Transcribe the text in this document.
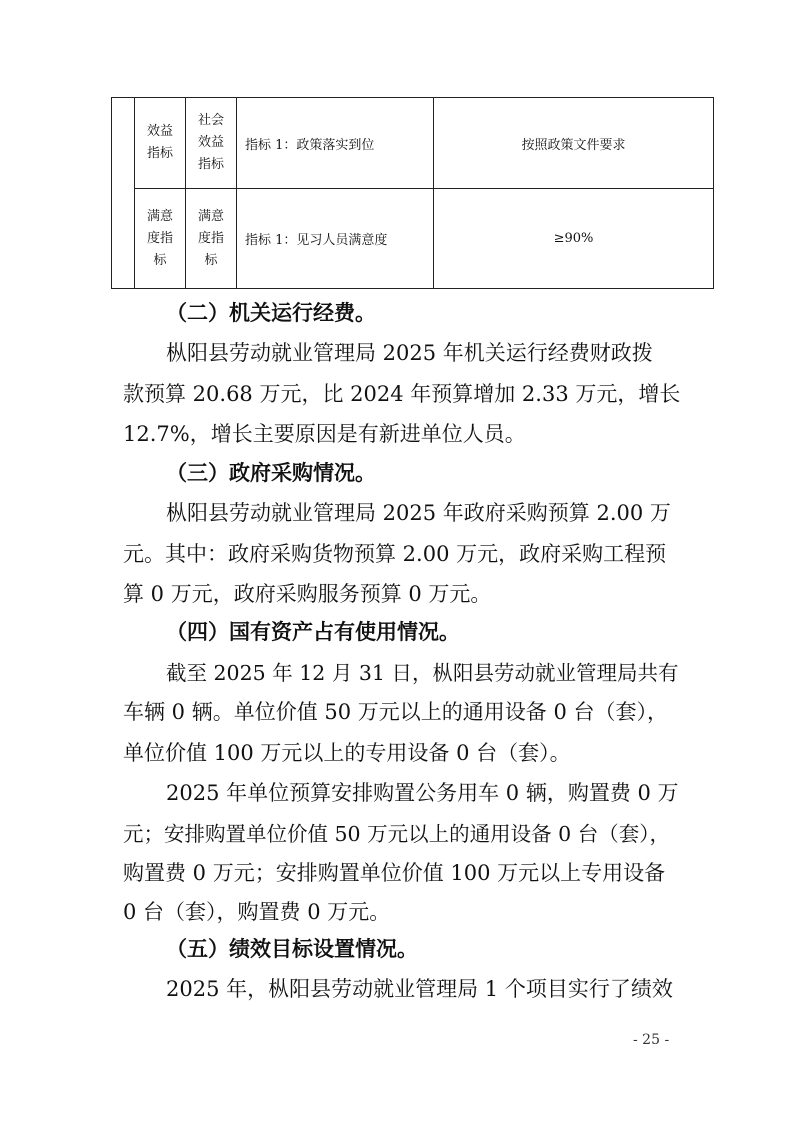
	效益指标	社会效益指标	指标 1：政策落实到位	按照政策文件要求
	满意度指标	满意度指标	指标 1：见习人员满意度	≥90%
（二）机关运行经费。
枞阳县劳动就业管理局 2025 年机关运行经费财政拨
款预算 20.68 万元，比 2024 年预算增加 2.33 万元，增长
12.7%，增长主要原因是有新进单位人员。
（三）政府采购情况。
枞阳县劳动就业管理局 2025 年政府采购预算 2.00 万
元。其中：政府采购货物预算 2.00 万元，政府采购工程预
算 0 万元，政府采购服务预算 0 万元。
（四）国有资产占有使用情况。
截至 2025 年 12 月 31 日，枞阳县劳动就业管理局共有
车辆 0 辆。单位价值 50 万元以上的通用设备 0 台（套），
单位价值 100 万元以上的专用设备 0 台（套）。
2025 年单位预算安排购置公务用车 0 辆，购置费 0 万
元；安排购置单位价值 50 万元以上的通用设备 0 台（套），
购置费 0 万元；安排购置单位价值 100 万元以上专用设备
0 台（套），购置费 0 万元。
（五）绩效目标设置情况。
2025 年，枞阳县劳动就业管理局 1 个项目实行了绩效
- 25 -
